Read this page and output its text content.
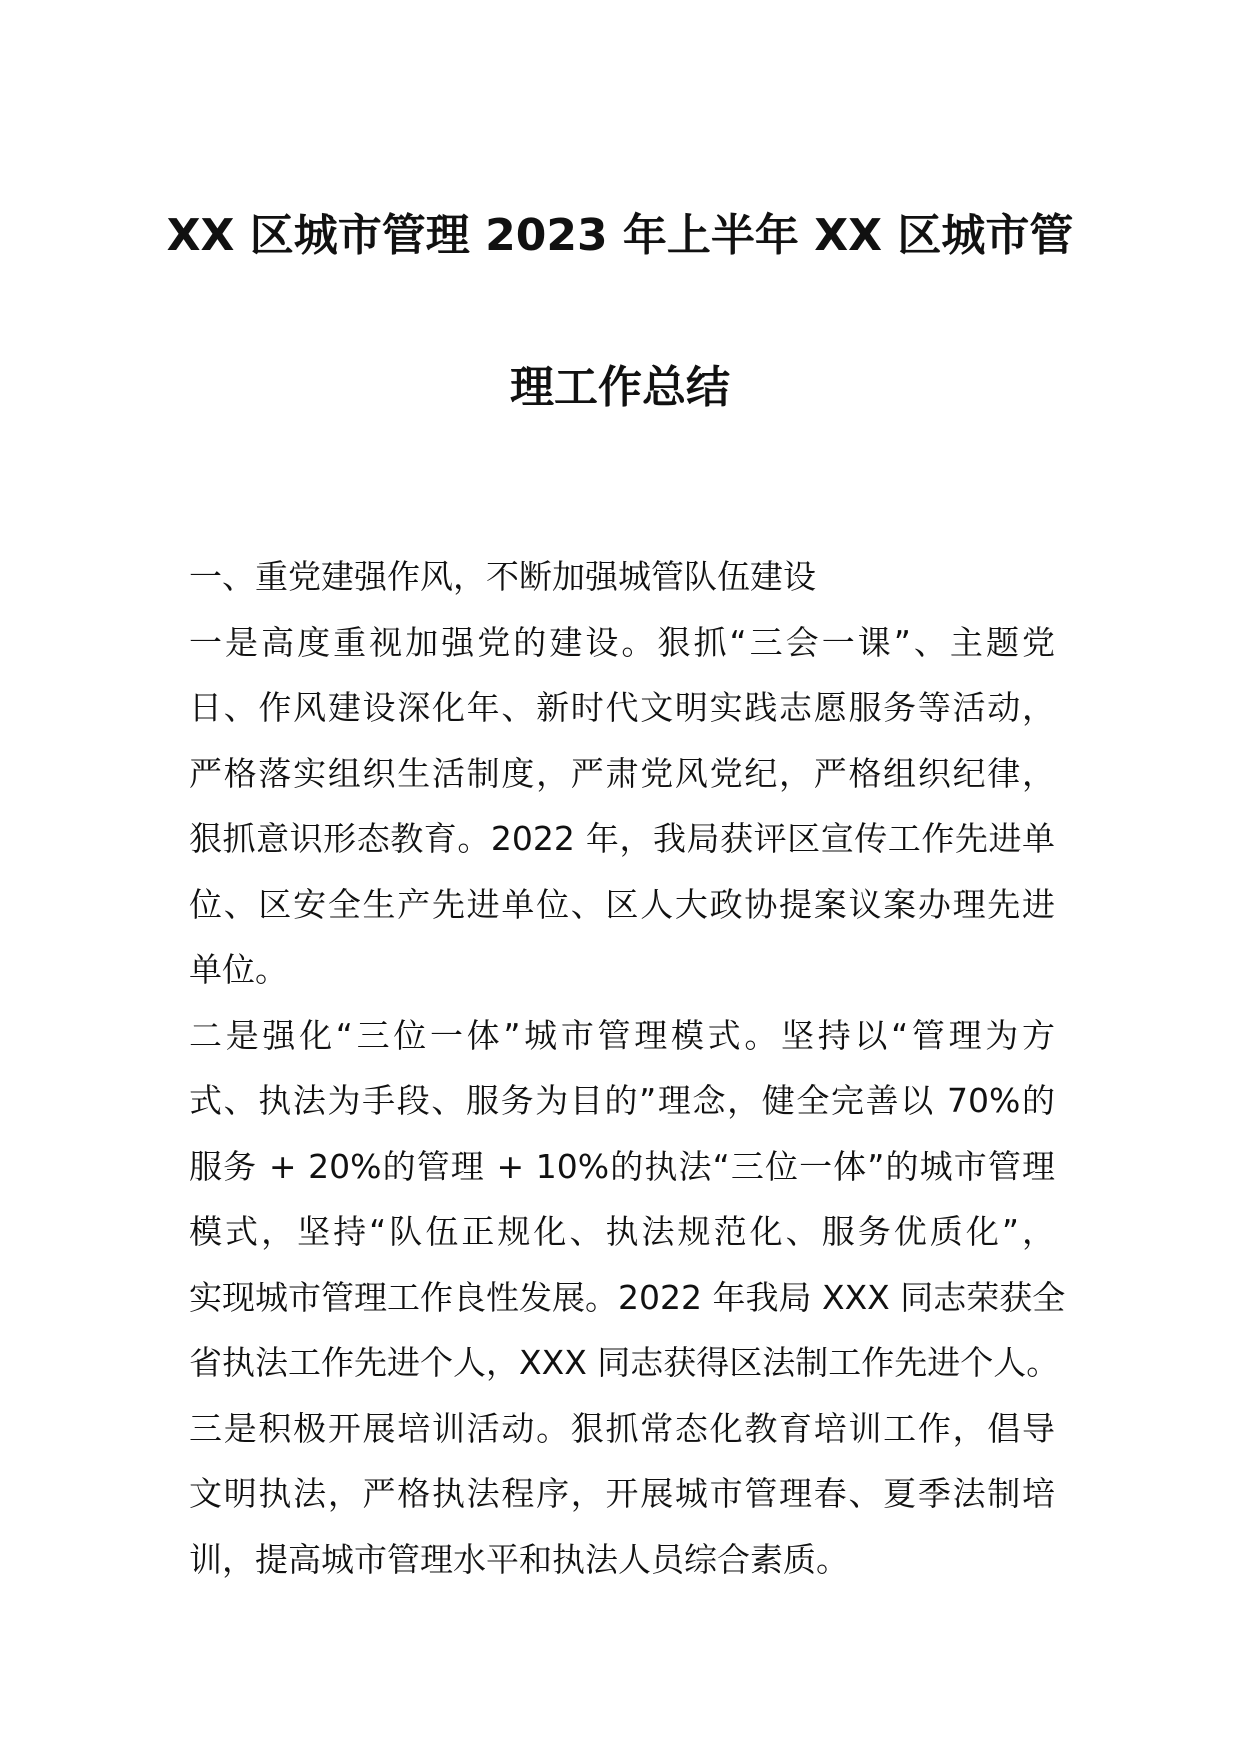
XX 区城市管理 2023 年上半年 XX 区城市管
理工作总结
一、重党建强作风，不断加强城管队伍建设
一是高度重视加强党的建设。狠抓“三会一课”、主题党
日、作风建设深化年、新时代文明实践志愿服务等活动，
严格落实组织生活制度，严肃党风党纪，严格组织纪律，
狠抓意识形态教育。2022 年，我局获评区宣传工作先进单
位、区安全生产先进单位、区人大政协提案议案办理先进
单位。
二是强化“三位一体”城市管理模式。坚持以“管理为方
式、执法为手段、服务为目的”理念，健全完善以 70%的
服务 + 20%的管理 + 10%的执法“三位一体”的城市管理
模式，坚持“队伍正规化、执法规范化、服务优质化”，
实现城市管理工作良性发展。2022 年我局 XXX 同志荣获全
省执法工作先进个人，XXX 同志获得区法制工作先进个人。
三是积极开展培训活动。狠抓常态化教育培训工作，倡导
文明执法，严格执法程序，开展城市管理春、夏季法制培
训，提高城市管理水平和执法人员综合素质。
